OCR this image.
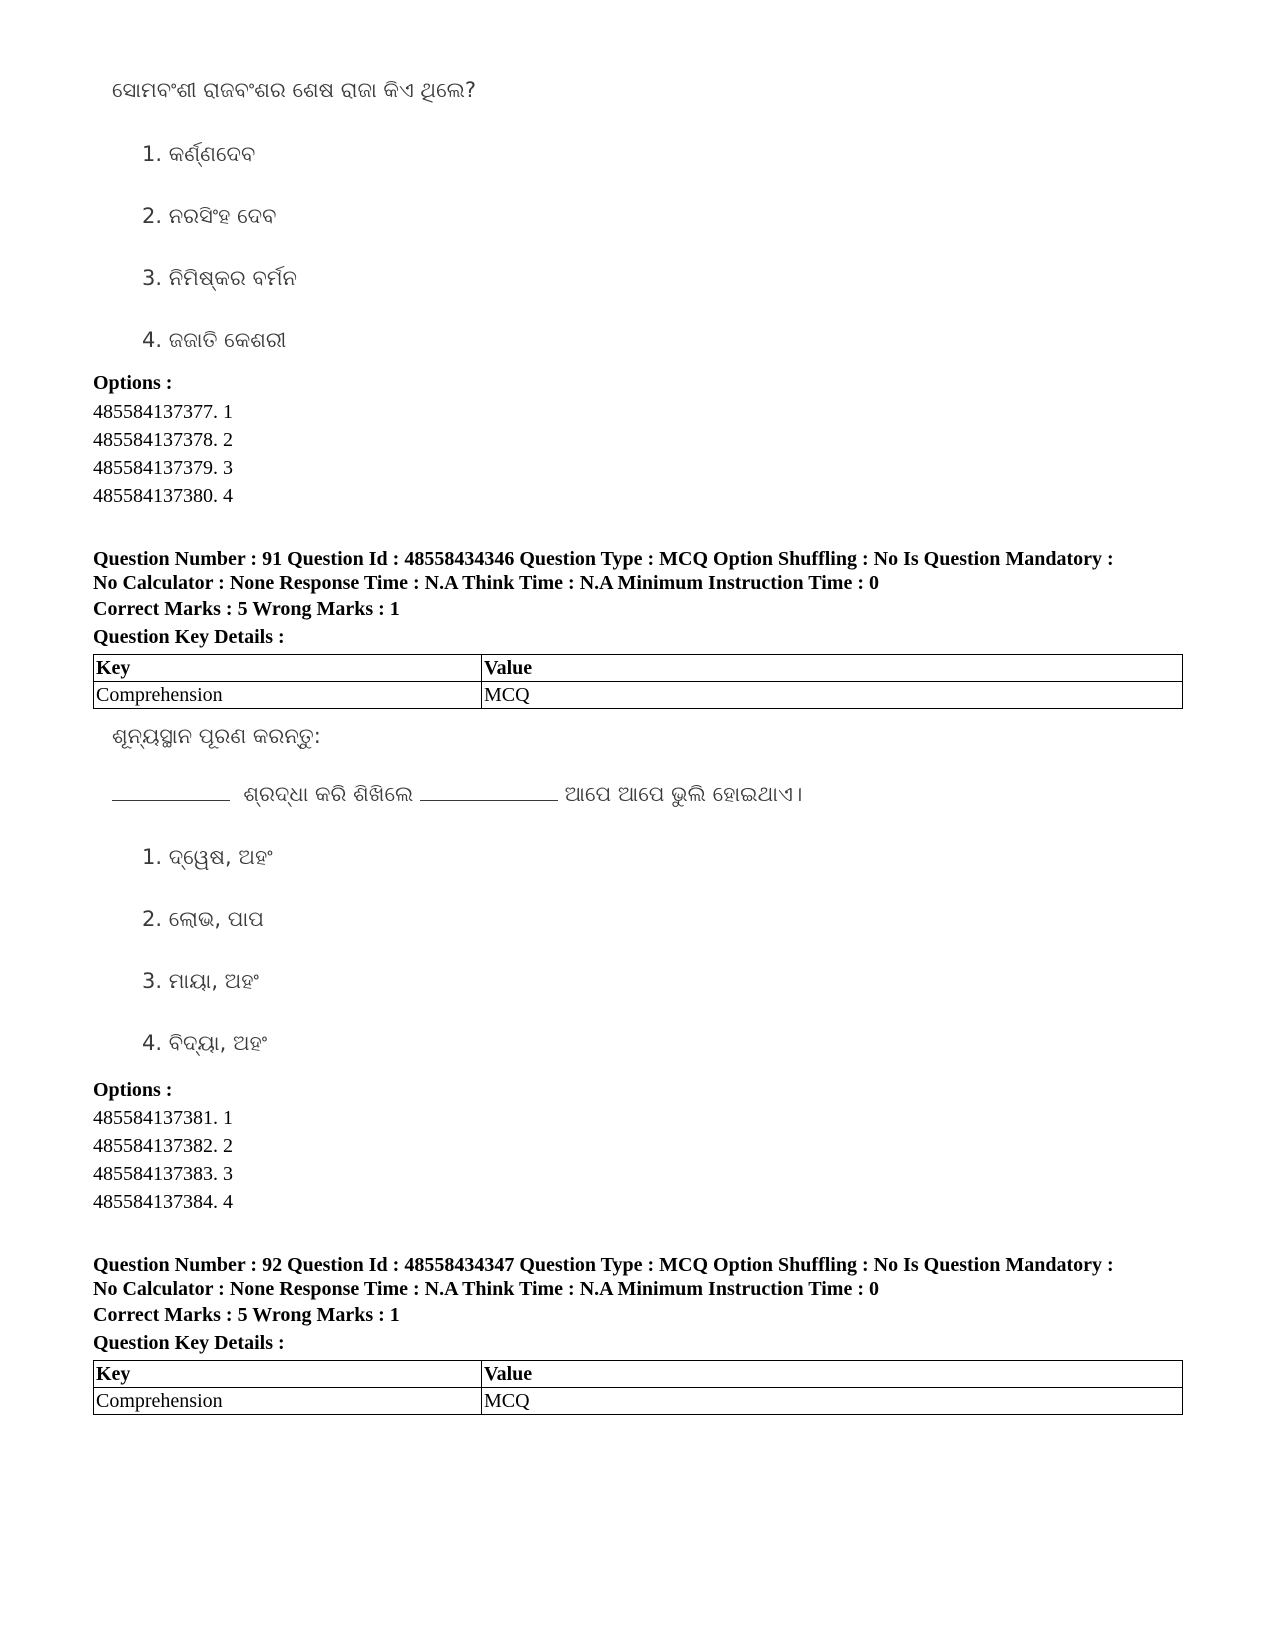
ସୋମବଂଶୀ ରାଜବଂଶର ଶେଷ ରାଜା କିଏ ଥିଲେ?
1. କର୍ଣ୍ଣଦେବ
2. ନରସିଂହ ଦେବ
3. ନିମିଷ୍କର ବର୍ମନ
4. ଜଜାତି କେଶରୀ
Options :
485584137377. 1
485584137378. 2
485584137379. 3
485584137380. 4
Question Number : 91 Question Id : 48558434346 Question Type : MCQ Option Shuffling : No Is Question Mandatory :
No Calculator : None Response Time : N.A Think Time : N.A Minimum Instruction Time : 0
Correct Marks : 5 Wrong Marks : 1
Question Key Details :
Key	Value
Comprehension	MCQ
ଶୂନ୍ୟସ୍ଥାନ ପୂରଣ କରନ୍ତୁ:
ଶ୍ରଦ୍ଧା କରି ଶିଖିଲେ	ଆପେ ଆପେ ଭୁଲି ହୋଇଥାଏ।
1. ଦ୍ୱେଷ, ଅହଂ
2. ଲୋଭ, ପାପ
3. ମାୟା, ଅହଂ
4. ବିଦ୍ୟା, ଅହଂ
Options :
485584137381. 1
485584137382. 2
485584137383. 3
485584137384. 4
Question Number : 92 Question Id : 48558434347 Question Type : MCQ Option Shuffling : No Is Question Mandatory :
No Calculator : None Response Time : N.A Think Time : N.A Minimum Instruction Time : 0
Correct Marks : 5 Wrong Marks : 1
Question Key Details :
Key	Value
Comprehension	MCQ
